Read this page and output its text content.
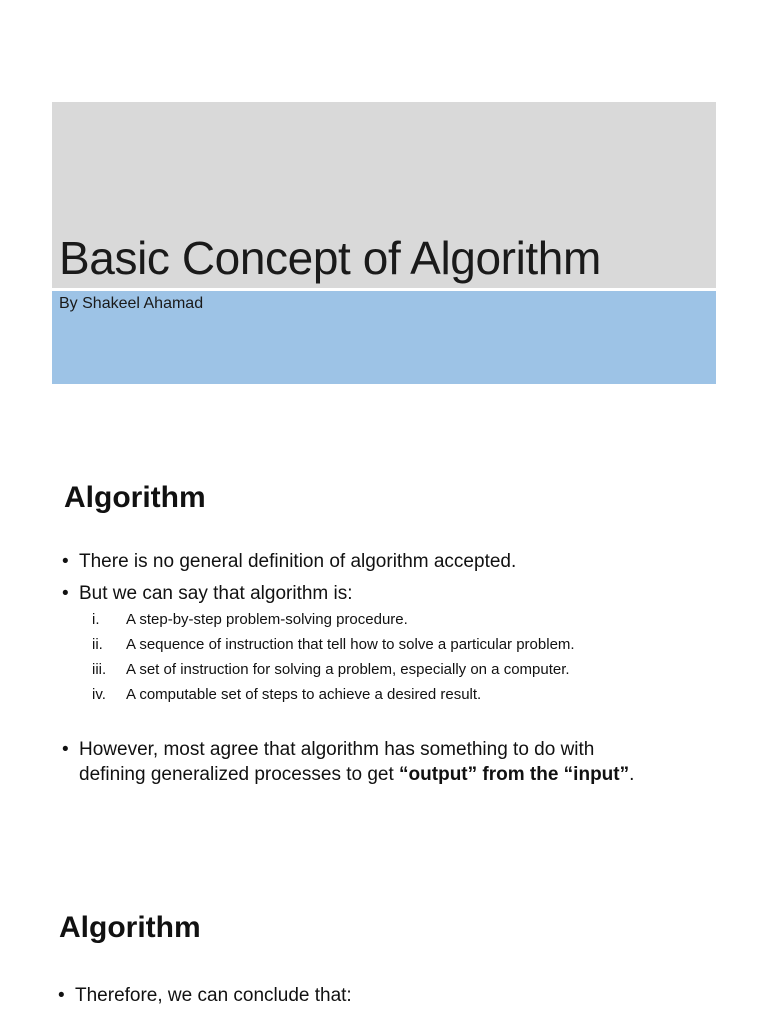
Basic Concept of Algorithm
By Shakeel Ahamad
Algorithm
• There is no general definition of algorithm accepted.
• But we can say that algorithm is:
i.	A step-by-step problem-solving procedure.
ii.	A sequence of instruction that tell how to solve a particular problem.
iii.	A set of instruction for solving a problem, especially on a computer.
iv.	A computable set of steps to achieve a desired result.
• However, most agree that algorithm has something to do with
defining generalized processes to get “output” from the “input”.
Algorithm
• Therefore, we can conclude that:
